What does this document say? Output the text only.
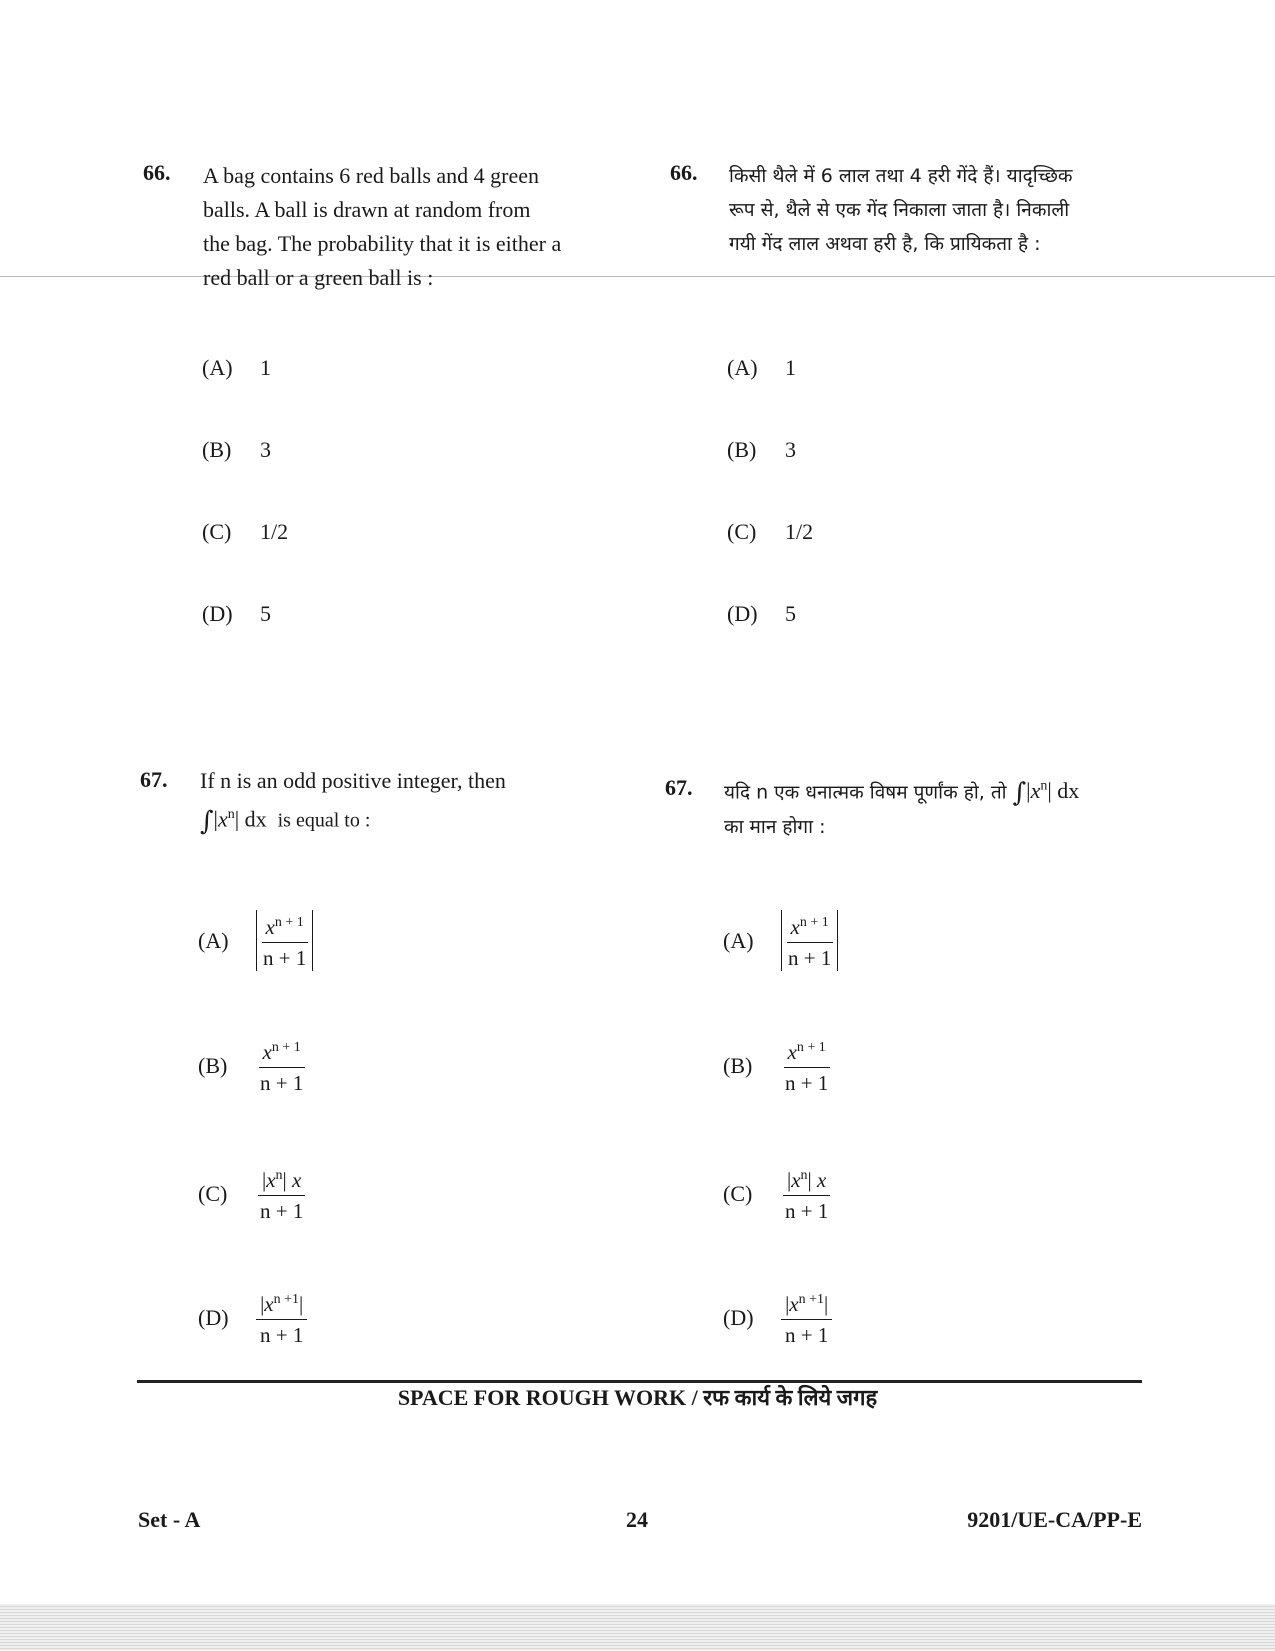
66. A bag contains 6 red balls and 4 green
balls. A ball is drawn at random from
the bag. The probability that it is either a
red ball or a green ball is :
66. किसी थैले में 6 लाल तथा 4 हरी गेंदे हैं। यादृच्छिक
रूप से, थैले से एक गेंद निकाला जाता है। निकाली
गयी गेंद लाल अथवा हरी है, कि प्रायिकता है :
(A) 1
(B) 3
(C) 1/2
(D) 5
(A) 1
(B) 3
(C) 1/2
(D) 5
67. If n is an odd positive integer, then
$\int|x^n|$ dx is equal to :
67. यदि n एक धनात्मक विषम पूर्णांक हो, तो $\int|x^n|$ dx
का मान होगा :
(A)	$\frac{x^{n + 1}}{n + 1}$
(B)	$\frac{x^{n + 1}}{n + 1}$
(C)	$\frac{|x^n| x}{n + 1}$
(D)	$\frac{|x^{n +1}|}{n + 1}$
(A)	$\frac{x^{n + 1}}{n + 1}$
(B)	$\frac{x^{n + 1}}{n + 1}$
(C)	$\frac{|x^n| x}{n + 1}$
(D)	$\frac{|x^{n +1}|}{n + 1}$
SPACE FOR ROUGH WORK / रफ कार्य के लिये जगह
Set - A	24	9201/UE-CA/PP-E
